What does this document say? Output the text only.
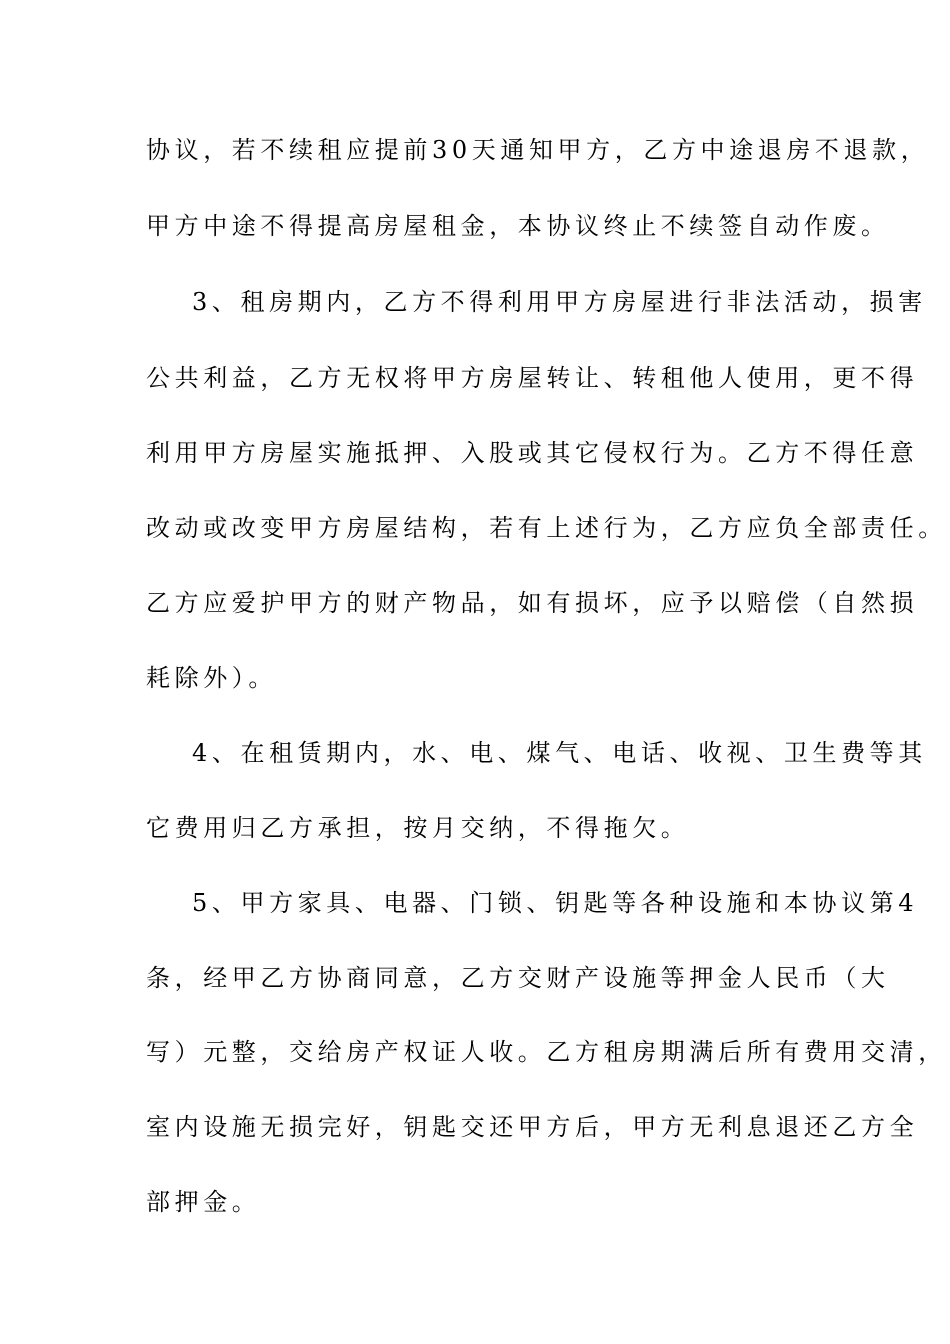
协议，若不续租应提前30天通知甲方，乙方中途退房不退款，

甲方中途不得提高房屋租金，本协议终止不续签自动作废。

3、租房期内，乙方不得利用甲方房屋进行非法活动，损害

公共利益，乙方无权将甲方房屋转让、转租他人使用，更不得

利用甲方房屋实施抵押、入股或其它侵权行为。乙方不得任意

改动或改变甲方房屋结构，若有上述行为，乙方应负全部责任。

乙方应爱护甲方的财产物品，如有损坏，应予以赔偿（自然损

耗除外）。

4、在租赁期内，水、电、煤气、电话、收视、卫生费等其

它费用归乙方承担，按月交纳，不得拖欠。

5、甲方家具、电器、门锁、钥匙等各种设施和本协议第4

条，经甲乙方协商同意，乙方交财产设施等押金人民币（大

写）元整，交给房产权证人收。乙方租房期满后所有费用交清，

室内设施无损完好，钥匙交还甲方后，甲方无利息退还乙方全

部押金。
